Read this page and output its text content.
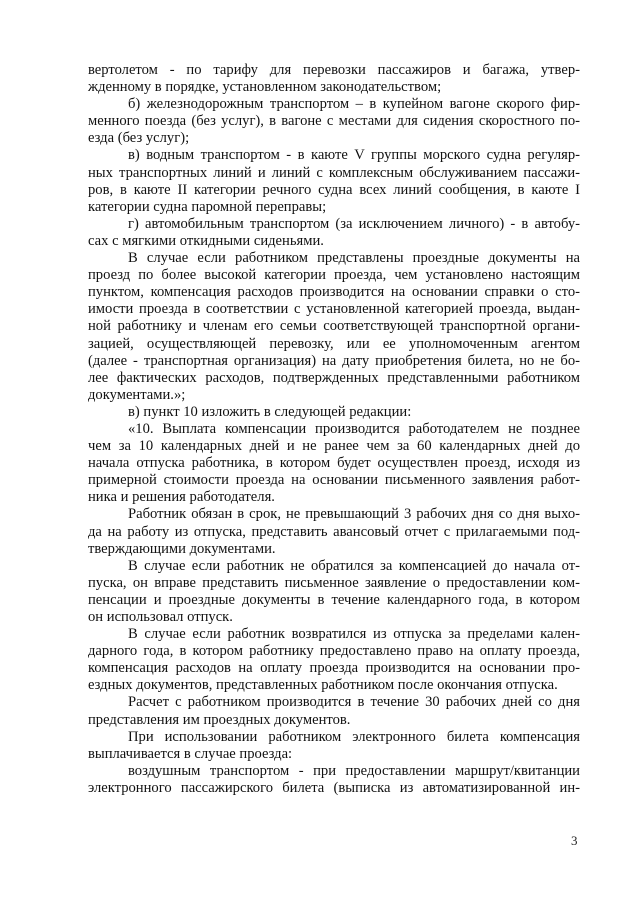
вертолетом - по тарифу для перевозки пассажиров и багажа, утвер-
жденному в порядке, установленном законодательством;
б) железнодорожным транспортом – в купейном вагоне скорого фир-
менного поезда (без услуг), в вагоне с местами для сидения скоростного по-
езда (без услуг);
в) водным транспортом - в каюте V группы морского судна регуляр-
ных транспортных линий и линий с комплексным обслуживанием пассажи-
ров, в каюте II категории речного судна всех линий сообщения, в каюте I
категории судна паромной переправы;
г) автомобильным транспортом (за исключением личного) - в автобу-
сах с мягкими откидными сиденьями.
В случае если работником представлены проездные документы на
проезд по более высокой категории проезда, чем установлено настоящим
пунктом, компенсация расходов производится на основании справки о сто-
имости проезда в соответствии с установленной категорией проезда, выдан-
ной работнику и членам его семьи соответствующей транспортной органи-
зацией, осуществляющей перевозку, или ее уполномоченным агентом
(далее - транспортная организация) на дату приобретения билета, но не бо-
лее фактических расходов, подтвержденных представленными работником
документами.»;
в) пункт 10 изложить в следующей редакции:
«10. Выплата компенсации производится работодателем не позднее
чем за 10 календарных дней и не ранее чем за 60 календарных дней до
начала отпуска работника, в котором будет осуществлен проезд, исходя из
примерной стоимости проезда на основании письменного заявления работ-
ника и решения работодателя.
Работник обязан в срок, не превышающий 3 рабочих дня со дня выхо-
да на работу из отпуска, представить авансовый отчет с прилагаемыми под-
тверждающими документами.
В случае если работник не обратился за компенсацией до начала от-
пуска, он вправе представить письменное заявление о предоставлении ком-
пенсации и проездные документы в течение календарного года, в котором
он использовал отпуск.
В случае если работник возвратился из отпуска за пределами кален-
дарного года, в котором работнику предоставлено право на оплату проезда,
компенсация расходов на оплату проезда производится на основании про-
ездных документов, представленных работником после окончания отпуска.
Расчет с работником производится в течение 30 рабочих дней со дня
представления им проездных документов.
При использовании работником электронного билета компенсация
выплачивается в случае проезда:
воздушным транспортом - при предоставлении маршрут/квитанции
электронного пассажирского билета (выписка из автоматизированной ин-
3
